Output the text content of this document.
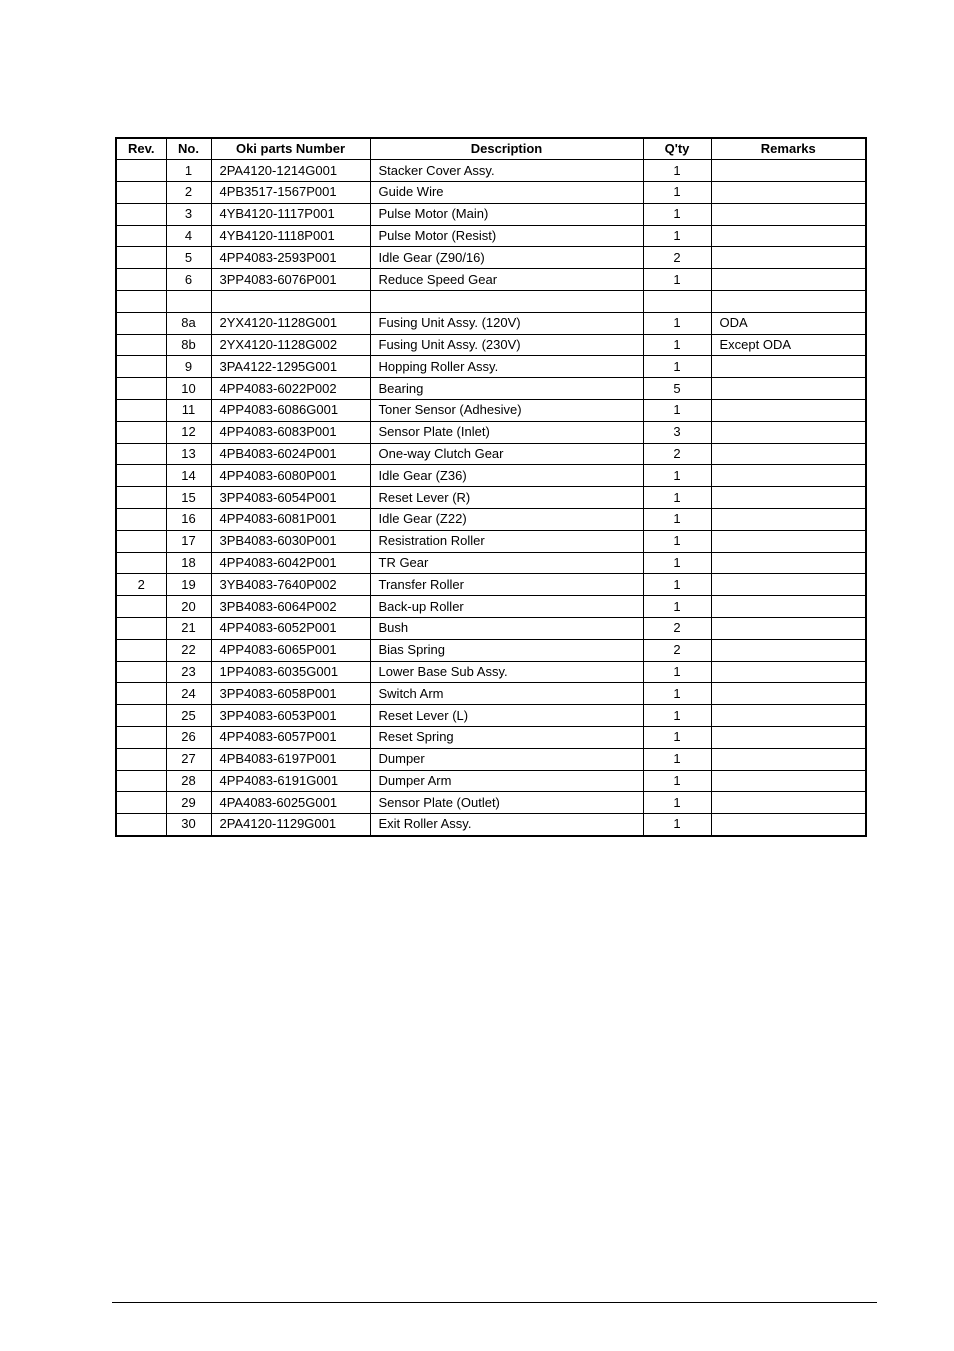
Rev.	No.	Oki parts Number	Description	Q'ty	Remarks
	1	2PA4120-1214G001	Stacker Cover Assy.	1	
	2	4PB3517-1567P001	Guide Wire	1	
	3	4YB4120-1117P001	Pulse Motor (Main)	1	
	4	4YB4120-1118P001	Pulse Motor (Resist)	1	
	5	4PP4083-2593P001	Idle Gear (Z90/16)	2	
	6	3PP4083-6076P001	Reduce Speed Gear	1	

	8a	2YX4120-1128G001	Fusing Unit Assy. (120V)	1	ODA
	8b	2YX4120-1128G002	Fusing Unit Assy. (230V)	1	Except ODA
	9	3PA4122-1295G001	Hopping Roller Assy.	1	
	10	4PP4083-6022P002	Bearing	5	
	11	4PP4083-6086G001	Toner Sensor (Adhesive)	1	
	12	4PP4083-6083P001	Sensor Plate (Inlet)	3	
	13	4PB4083-6024P001	One-way Clutch Gear	2	
	14	4PP4083-6080P001	Idle Gear (Z36)	1	
	15	3PP4083-6054P001	Reset Lever (R)	1	
	16	4PP4083-6081P001	Idle Gear (Z22)	1	
	17	3PB4083-6030P001	Resistration Roller	1	
	18	4PP4083-6042P001	TR Gear	1	
2	19	3YB4083-7640P002	Transfer Roller	1	
	20	3PB4083-6064P002	Back-up Roller	1	
	21	4PP4083-6052P001	Bush	2	
	22	4PP4083-6065P001	Bias Spring	2	
	23	1PP4083-6035G001	Lower Base Sub Assy.	1	
	24	3PP4083-6058P001	Switch Arm	1	
	25	3PP4083-6053P001	Reset Lever (L)	1	
	26	4PP4083-6057P001	Reset Spring	1	
	27	4PB4083-6197P001	Dumper	1	
	28	4PP4083-6191G001	Dumper Arm	1	
	29	4PA4083-6025G001	Sensor Plate (Outlet)	1	
	30	2PA4120-1129G001	Exit Roller Assy.	1	
